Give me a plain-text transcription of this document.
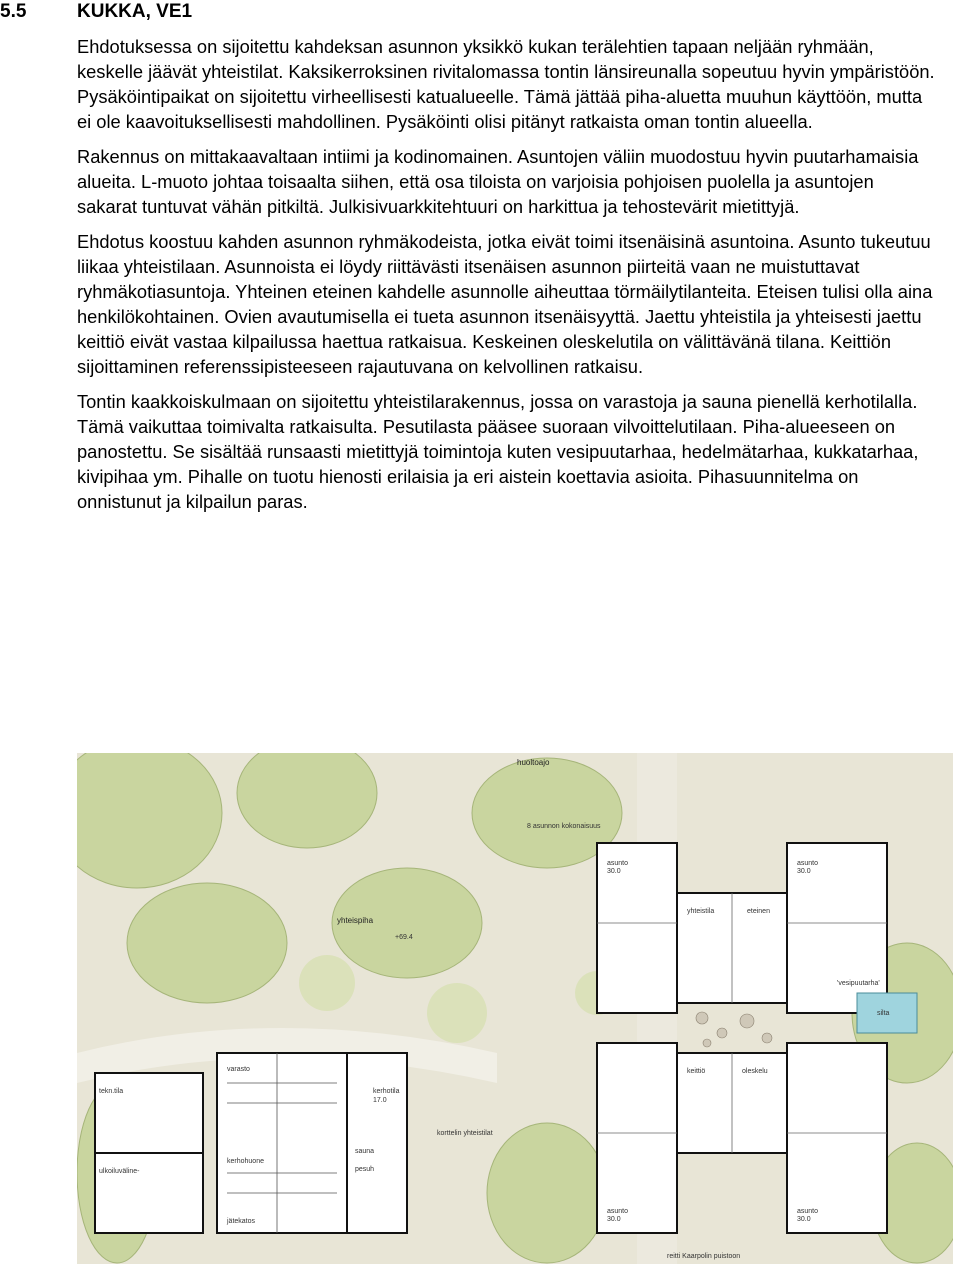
5.5	KUKKA, VE1

Ehdotuksessa on sijoitettu kahdeksan asunnon yksikkö kukan terälehtien tapaan neljään ryhmään, keskelle jäävät yhteistilat. Kaksikerroksinen rivitalomassa tontin länsireunalla sopeutuu hyvin ympäristöön. Pysäköintipaikat on sijoitettu virheellisesti katualueelle. Tämä jättää piha-aluetta muuhun käyttöön, mutta ei ole kaavoituksellisesti mahdollinen. Pysäköinti olisi pitänyt ratkaista oman tontin alueella.

Rakennus on mittakaavaltaan intiimi ja kodinomainen. Asuntojen väliin muodostuu hyvin puutarhamaisia alueita. L-muoto johtaa toisaalta siihen, että osa tiloista on varjoisia pohjoisen puolella ja asuntojen sakarat tuntuvat vähän pitkiltä. Julkisivuarkkitehtuuri on harkittua ja tehostevärit mietittyjä.

Ehdotus koostuu kahden asunnon ryhmäkodeista, jotka eivät toimi itsenäisinä asuntoina. Asunto tukeutuu liikaa yhteistilaan. Asunnoista ei löydy riittävästi itsenäisen asunnon piirteitä vaan ne muistuttavat ryhmäkotiasuntoja. Yhteinen eteinen kahdelle asunnolle aiheuttaa törmäilytilanteita. Eteisen tulisi olla aina henkilökohtainen. Ovien avautumisella ei tueta asunnon itsenäisyyttä. Jaettu yhteistila ja yhteisesti jaettu keittiö eivät vastaa kilpailussa haettua ratkaisua. Keskeinen oleskelutila on välittävänä tilana. Keittiön sijoittaminen referenssipisteeseen rajautuvana on kelvollinen ratkaisu.

Tontin kaakkoiskulmaan on sijoitettu yhteistilarakennus, jossa on varastoja ja sauna pienellä kerhotilalla. Tämä vaikuttaa toimivalta ratkaisulta. Pesutilasta pääsee suoraan vilvoittelutilaan. Piha-alueeseen on panostettu. Se sisältää runsaasti mietittyjä toimintoja kuten vesipuutarhaa, hedelmätarhaa, kukkatarhaa, kivipihaa ym. Pihalle on tuotu hienosti erilaisia ja eri aistein koettavia asioita. Pihasuunnitelma on onnistunut ja kilpailun paras.

huoltoajo
8 asunnon kokonaisuus
yhteispiha
+69.4
korttelin yhteistilat
kerhotila
17.0
sauna
pesuh
asunto
30.0
asunto
30.0
asunto
30.0
asunto
30.0
yhteistila	eteinen
keittiö	oleskelu
'vesipuutarha'
silta
varasto
kerhohuone
tekn.tila
ulkoiluväline-
jätekatos
reitti Kaarpolin puistoon
